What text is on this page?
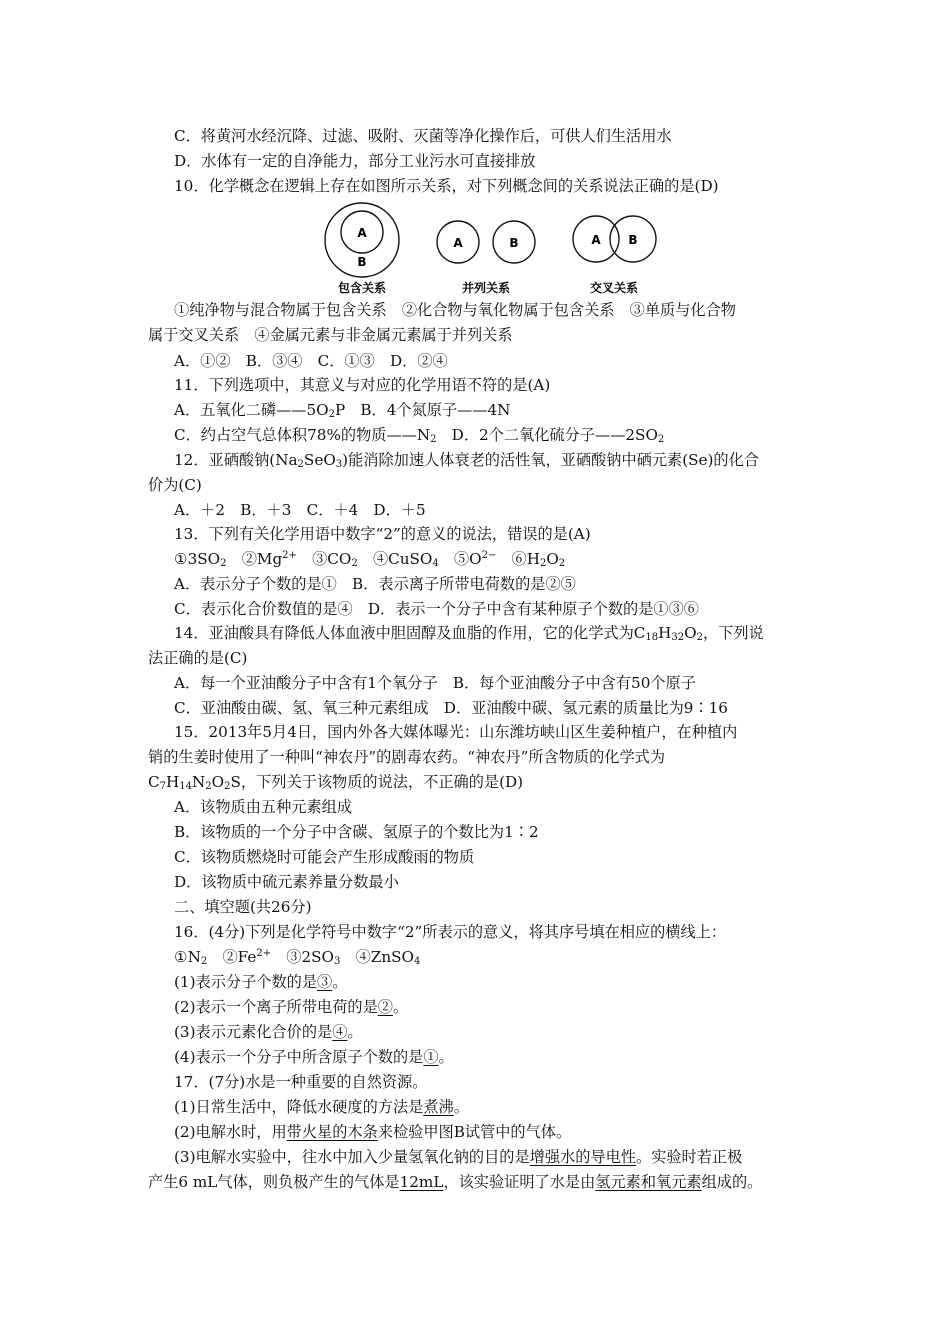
C．将黄河水经沉降、过滤、吸附、灭菌等净化操作后，可供人们生活用水
D．水体有一定的自净能力，部分工业污水可直接排放
10．化学概念在逻辑上存在如图所示关系，对下列概念间的关系说法正确的是(D)
A
B
包含关系
A	B
并列关系
A B
交叉关系
①纯净物与混合物属于包含关系　②化合物与氧化物属于包含关系　③单质与化合物
属于交叉关系　④金属元素与非金属元素属于并列关系
A．①②　B．③④　C．①③　D．②④
11．下列选项中，其意义与对应的化学用语不符的是(A)
A．五氧化二磷$——5O_2P$　B．4个氮原子——4N
C．约占空气总体积78%的物质$——N_2$　D．2个二氧化硫分子$——2SO_2$
12．亚硒酸钠$(Na_2SeO_3)$能消除加速人体衰老的活性氧，亚硒酸钠中硒元素(Se)的化合
价为(C)
A．＋2　B．＋3　C．＋4　D．＋5
13．下列有关化学用语中数字“2”的意义的说法，错误的是(A)
$①3SO_2$　$②Mg^{2+}$　$③CO_2$　④CuSO$_4$　$⑤O^{2-}$　$⑥H_2O_2$
A．表示分子个数的是①　B．表示离子所带电荷数的是②⑤
C．表示化合价数值的是④　D．表示一个分子中含有某种原子个数的是①③⑥
14．亚油酸具有降低人体血液中胆固醇及血脂的作用，它的化学式为$C_{18}H_{32}O_2$，下列说
法正确的是(C)
A．每一个亚油酸分子中含有1个氧分子　B．每个亚油酸分子中含有50个原子
C．亚油酸由碳、氢、氧三种元素组成　D．亚油酸中碳、氢元素的质量比为9∶16
15．2013年5月4日，国内外各大媒体曝光：山东潍坊峡山区生姜种植户，在种植内
销的生姜时使用了一种叫“神农丹”的剧毒农药。“神农丹”所含物质的化学式为
$C_7H_{14}N_2O_2S$，下列关于该物质的说法，不正确的是(D)
A．该物质由五种元素组成
B．该物质的一个分子中含碳、氢原子的个数比为1∶2
C．该物质燃烧时可能会产生形成酸雨的物质
D．该物质中硫元素养量分数最小
二、填空题(共26分)
16．(4分)下列是化学符号中数字“2”所表示的意义，将其序号填在相应的横线上：
$①N_2$　$②Fe^{2+}$　$③2SO_3$　④ZnSO$_4$
(1)表示分子个数的是③。
(2)表示一个离子所带电荷的是②。
(3)表示元素化合价的是④。
(4)表示一个分子中所含原子个数的是①。
17．(7分)水是一种重要的自然资源。
(1)日常生活中，降低水硬度的方法是煮沸。
(2)电解水时，用带火星的木条来检验甲图B试管中的气体。
(3)电解水实验中，往水中加入少量氢氧化钠的目的是增强水的导电性。实验时若正极
产生6 mL气体，则负极产生的气体是12mL，该实验证明了水是由氢元素和氧元素组成的。
